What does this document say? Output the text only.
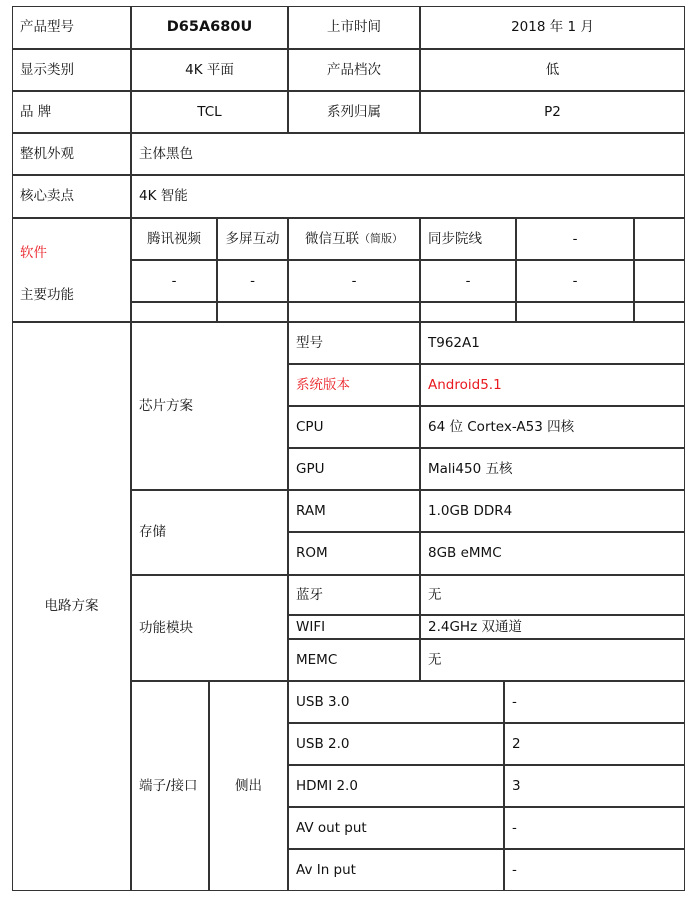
产品型号	D65A680U	上市时间	2018 年 1 月
显示类别	4K 平面	产品档次	低
品 牌	TCL	系列归属	P2
整机外观	主体黑色
核心卖点	4K 智能
软件
主要功能
腾讯视频	多屏互动	微信互联 （简版）	同步院线	-
-	-	-	-	-
电路方案
芯片方案
型号	T962A1
系统版本	Android5.1
CPU	64 位 Cortex-A53 四核
GPU	Mali450 五核
存储
RAM	1.0GB DDR4
ROM	8GB eMMC
功能模块
蓝牙	无
WIFI	2.4GHz 双通道
MEMC	无
端子/接口	侧出
USB 3.0	-
USB 2.0	2
HDMI 2.0	3
AV out put	-
Av In put	-
